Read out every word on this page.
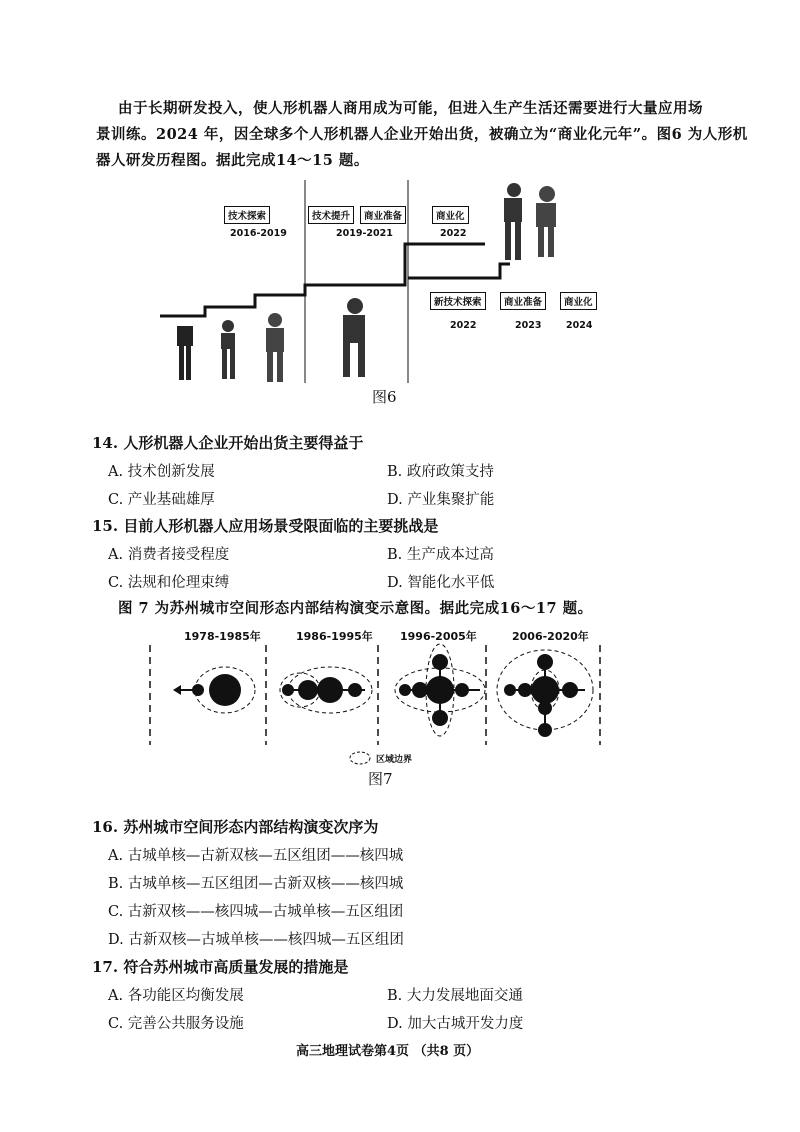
由于长期研发投入，使人形机器人商用成为可能，但进入生产生活还需要进行大量应用场
景训练。2024 年，因全球多个人形机器人企业开始出货，被确立为“商业化元年”。图6 为人形机
器人研发历程图。据此完成14～15 题。
技术探索
2016-2019
技术提升	商业准备
2019-2021
商业化
2022
新技术探索
2022
商业准备
2023
商业化
2024
图6
14. 人形机器人企业开始出货主要得益于
A. 技术创新发展	B. 政府政策支持
C. 产业基础雄厚	D. 产业集聚扩能
15. 目前人形机器人应用场景受限面临的主要挑战是
A. 消费者接受程度	B. 生产成本过高
C. 法规和伦理束缚	D. 智能化水平低
图 7 为苏州城市空间形态内部结构演变示意图。据此完成16～17 题。
1978-1985年	1986-1995年 1996-2005年	2006-2020年
区域边界
图7
16. 苏州城市空间形态内部结构演变次序为
A. 古城单核—古新双核—五区组团——核四城
B. 古城单核—五区组团—古新双核——核四城
C. 古新双核——核四城—古城单核—五区组团
D. 古新双核—古城单核——核四城—五区组团
17. 符合苏州城市高质量发展的措施是
A. 各功能区均衡发展	B. 大力发展地面交通
C. 完善公共服务设施	D. 加大古城开发力度
高三地理试卷第4页 （共8 页）
